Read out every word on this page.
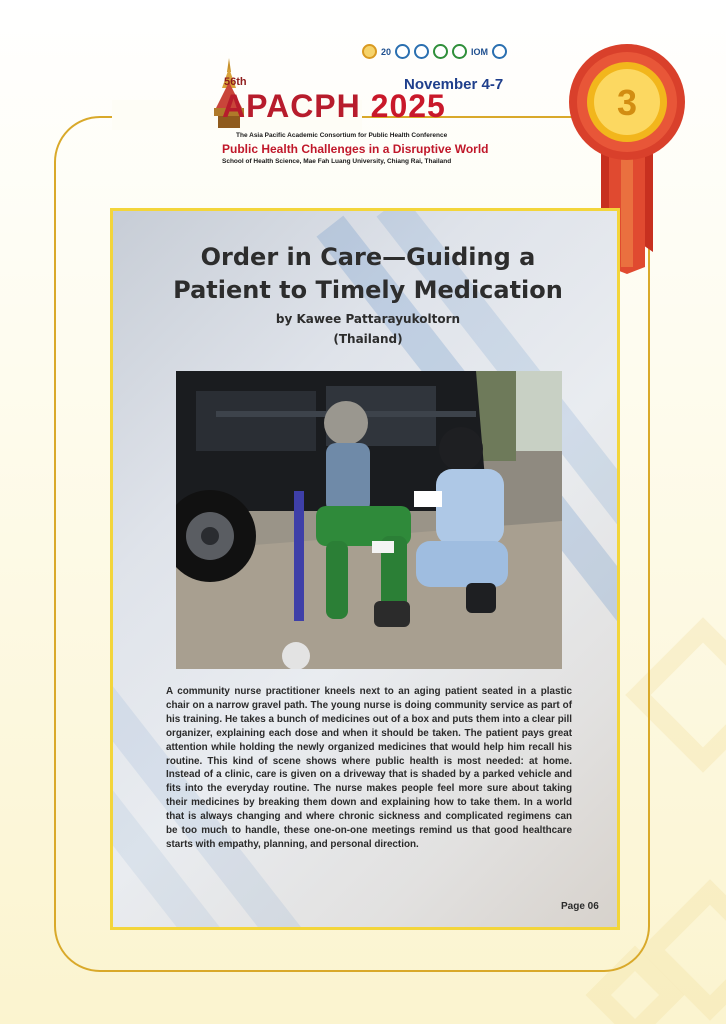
20	IOM
November 4-7
56th
APACPH 2025
The Asia Pacific Academic Consortium for Public Health Conference
Public Health Challenges in a Disruptive World
School of Health Science, Mae Fah Luang University, Chiang Rai, Thailand
3
Order in Care—Guiding a
Patient to Timely Medication
by Kawee Pattarayukoltorn
(Thailand)
A community nurse practitioner kneels next to an aging patient seated in a plastic chair on a narrow gravel path. The young nurse is doing community service as part of his training. He takes a bunch of medicines out of a box and puts them into a clear pill organizer, explaining each dose and when it should be taken. The patient pays great attention while holding the newly organized medicines that would help him recall his routine. This kind of scene shows where public health is most needed: at home. Instead of a clinic, care is given on a driveway that is shaded by a parked vehicle and fits into the everyday routine. The nurse makes people feel more sure about taking their medicines by breaking them down and explaining how to take them. In a world that is always changing and where chronic sickness and complicated regimens can be too much to handle, these one-on-one meetings remind us that good healthcare starts with empathy, planning, and personal direction.
Page 06
